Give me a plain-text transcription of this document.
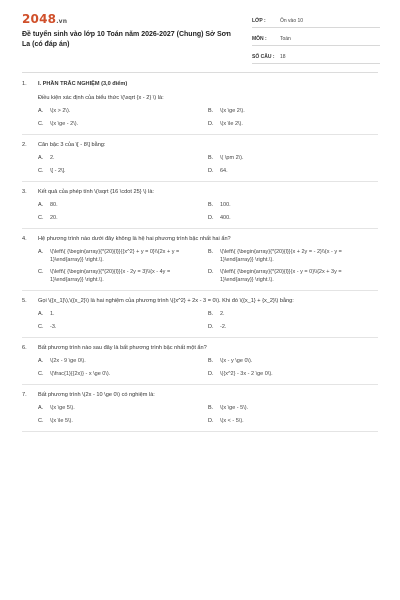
2048.vn
Đề tuyển sinh vào lớp 10 Toán năm 2026-2027 (Chung) Sở Sơn La (có đáp án)
LỚP :	Ôn vào 10
MÔN :	Toán
SỐ CÂU :	18
1.	I. PHẦN TRẮC NGHIỆM (3,0 điểm)
Điều kiện xác định của biểu thức \(\sqrt {x - 2} \) là:
A.	\(x > 2\).	B.	\(x \ge 2\).
C.	\(x \ge - 2\).	D.	\(x \le 2\).
2.	Căn bậc 3 của \[ - 8\] bằng:
A.	2.	B.	\( \pm 2\).
C.	\[ - 2\].	D.	64.
3.	Kết quả của phép tính \(\sqrt {16 \cdot 25} \) là:
A.	80.	B.	100.
C.	20.	D.	400.
4.	Hệ phương trình nào dưới đây không là hệ hai phương trình bậc nhất hai ẩn?
A.	\(\left\{ {\begin{array}{*{20}{l}}{{x^2} + y = 0}\\{2x + y = 1}\end{array}} \right.\).
B.	\(\left\{ {\begin{array}{*{20}{l}}{x + 2y = - 2}\\{x - y = 1}\end{array}} \right.\).
C.	\(\left\{ {\begin{array}{*{20}{l}}{x - 2y = 3}\\{x - 4y = 1}\end{array}} \right.\).
D.	\(\left\{ {\begin{array}{*{20}{l}}{x - y = 0}\\{2x + 3y = 1}\end{array}} \right.\).
5.	Gọi \({x_1}\),\({x_2}\) là hai nghiệm của phương trình \({x^2} + 2x - 3 = 0\). Khi đó \({x_1} + {x_2}\) bằng:
A.	1.	B.	2.
C.	-3.	D.	-2.
6.	Bất phương trình nào sau đây là bất phương trình bậc nhất một ẩn?
A.	\(2x - 9 \ge 0\).	B.	\(x - y \ge 0\).
C.	\(\frac{1}{{2x}} - x \ge 0\).	D.	\({x^2} - 3x - 2 \ge 0\).
7.	Bất phương trình \(2x - 10 \ge 0\) có nghiệm là:
A.	\(x \ge 5\).	B.	\(x \ge - 5\).
C.	\(x \le 5\).	D.	\(x < - 5\).
